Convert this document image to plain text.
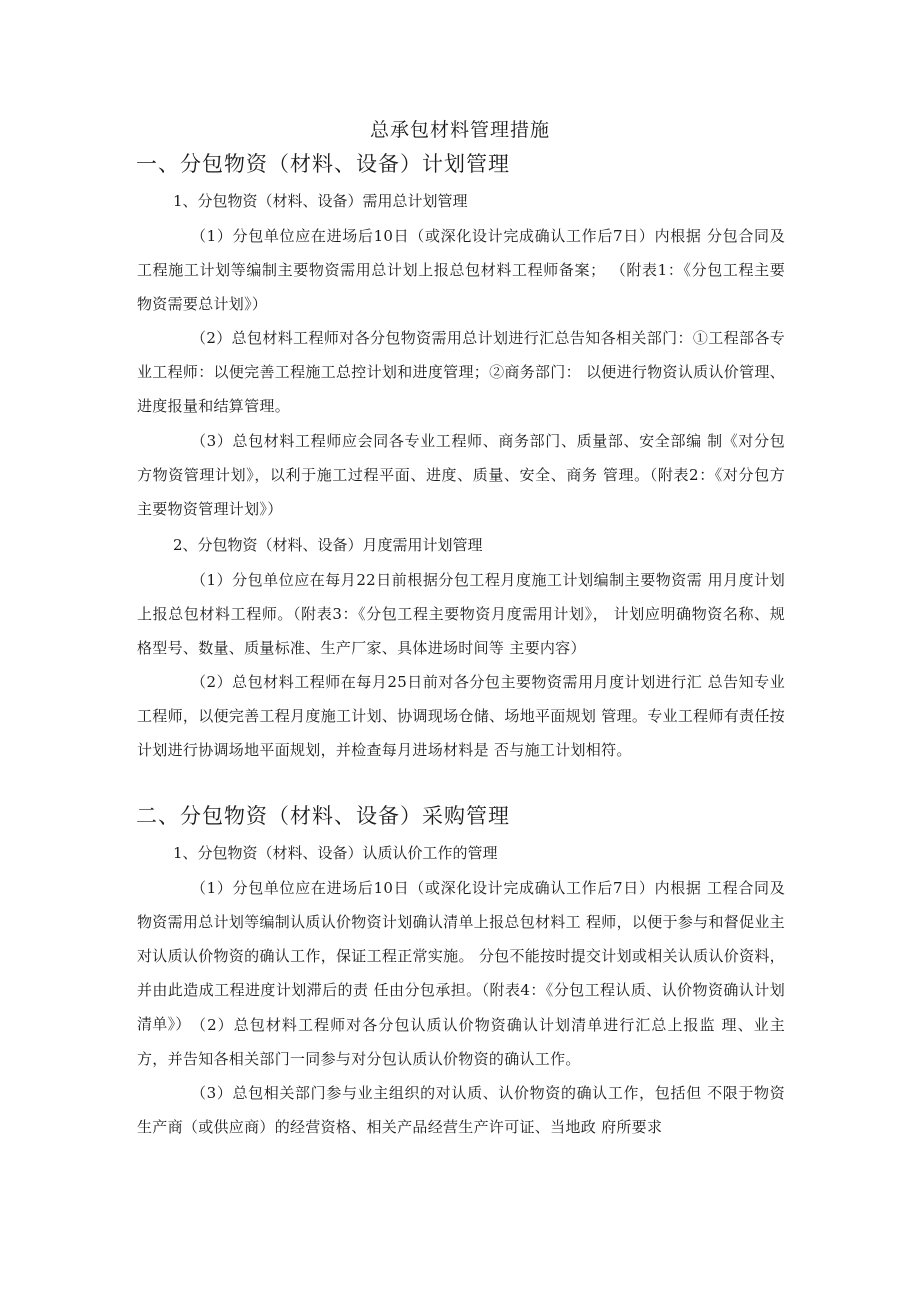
总承包材料管理措施
一、分包物资（材料、设备）计划管理
1、分包物资（材料、设备）需用总计划管理

（1）分包单位应在进场后10日（或深化设计完成确认工作后7日）内根据 分包合同及工程施工计划等编制主要物资需用总计划上报总包材料工程师备案； （附表1：《分包工程主要物资需要总计划》）

（2）总包材料工程师对各分包物资需用总计划进行汇总告知各相关部门：①工程部各专业工程师：以便完善工程施工总控计划和进度管理；②商务部门： 以便进行物资认质认价管理、进度报量和结算管理。

（3）总包材料工程师应会同各专业工程师、商务部门、质量部、安全部编 制《对分包方物资管理计划》，以利于施工过程平面、进度、质量、安全、商务 管理。（附表2：《对分包方主要物资管理计划》）

2、分包物资（材料、设备）月度需用计划管理

（1）分包单位应在每月22日前根据分包工程月度施工计划编制主要物资需 用月度计划上报总包材料工程师。（附表3：《分包工程主要物资月度需用计划》， 计划应明确物资名称、规格型号、数量、质量标准、生产厂家、具体进场时间等 主要内容）

（2）总包材料工程师在每月25日前对各分包主要物资需用月度计划进行汇 总告知专业工程师，以便完善工程月度施工计划、协调现场仓储、场地平面规划 管理。专业工程师有责任按计划进行协调场地平面规划，并检查每月进场材料是 否与施工计划相符。

二、分包物资（材料、设备）采购管理
1、分包物资（材料、设备）认质认价工作的管理

（1）分包单位应在进场后10日（或深化设计完成确认工作后7日）内根据 工程合同及物资需用总计划等编制认质认价物资计划确认清单上报总包材料工 程师，以便于参与和督促业主对认质认价物资的确认工作，保证工程正常实施。 分包不能按时提交计划或相关认质认价资料，并由此造成工程进度计划滞后的责 任由分包承担。（附表4：《分包工程认质、认价物资确认计划清单》） （2）总包材料工程师对各分包认质认价物资确认计划清单进行汇总上报监 理、业主方，并告知各相关部门一同参与对分包认质认价物资的确认工作。

（3）总包相关部门参与业主组织的对认质、认价物资的确认工作，包括但 不限于物资生产商（或供应商）的经营资格、相关产品经营生产许可证、当地政 府所要求
